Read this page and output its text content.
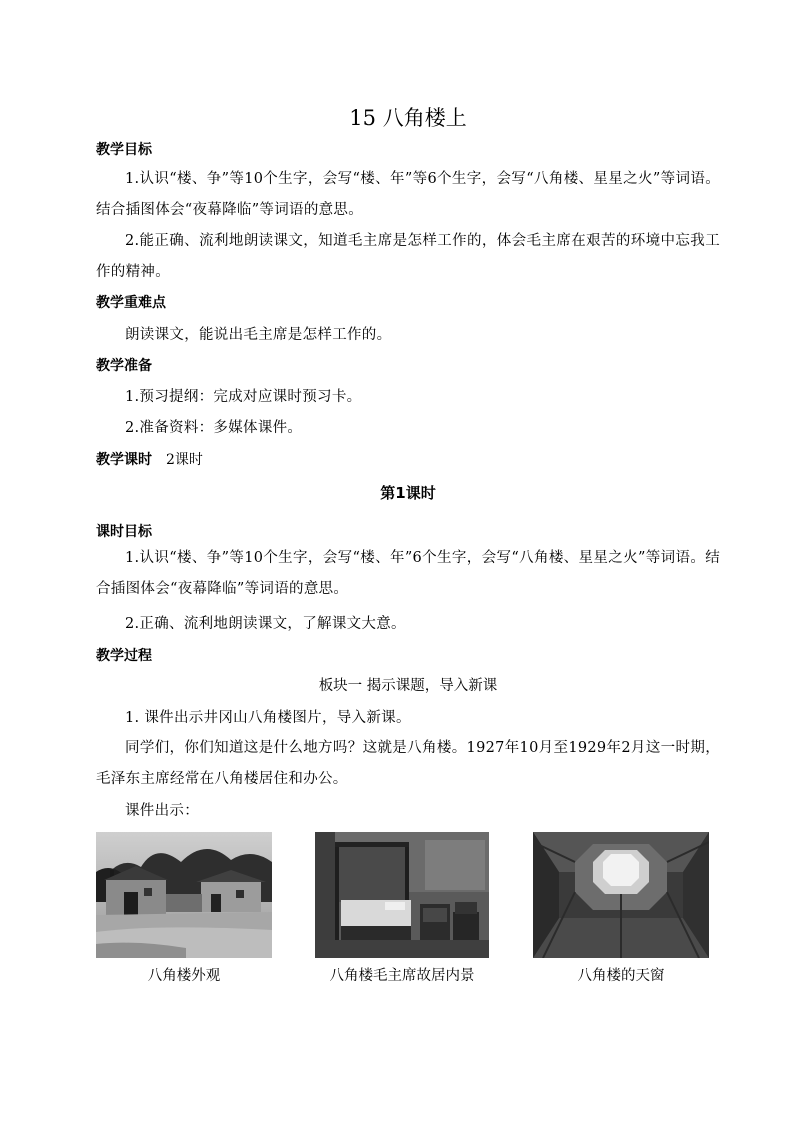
15 八角楼上
教学目标
1.认识“楼、争”等10个生字，会写“楼、年”等6个生字，会写“八角楼、星星之火”等词语。结合插图体会“夜幕降临”等词语的意思。
2.能正确、流利地朗读课文，知道毛主席是怎样工作的，体会毛主席在艰苦的环境中忘我工作的精神。
教学重难点
朗读课文，能说出毛主席是怎样工作的。
教学准备
1.预习提纲：完成对应课时预习卡。
2.准备资料：多媒体课件。
教学课时 2课时
第1课时
课时目标
1.认识“楼、争”等10个生字，会写“楼、年”6个生字，会写“八角楼、星星之火”等词语。结合插图体会“夜幕降临”等词语的意思。
2.正确、流利地朗读课文，了解课文大意。
教学过程
板块一 揭示课题，导入新课
1. 课件出示井冈山八角楼图片，导入新课。
同学们，你们知道这是什么地方吗？这就是八角楼。1927年10月至1929年2月这一时期，毛泽东主席经常在八角楼居住和办公。
课件出示：
八角楼外观	八角楼毛主席故居内景	八角楼的天窗
